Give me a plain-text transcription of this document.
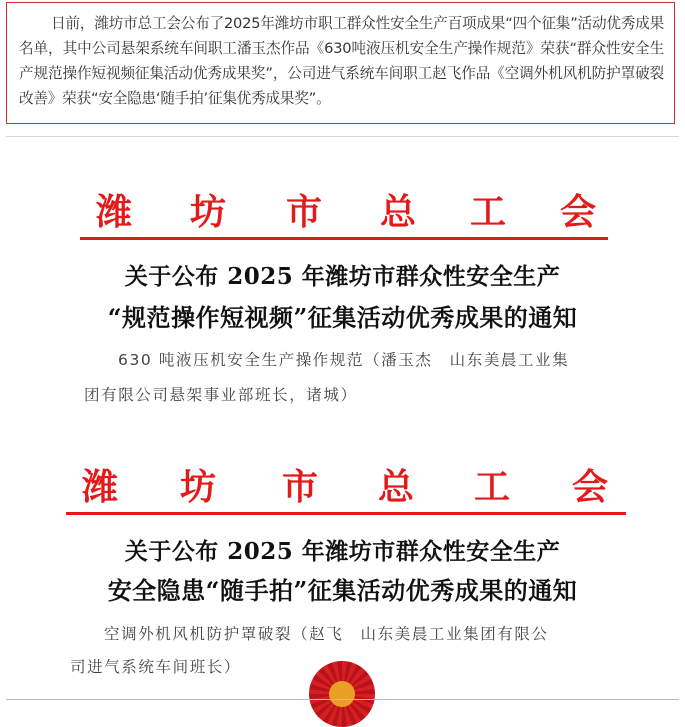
日前，潍坊市总工会公布了2025年潍坊市职工群众性安全生产百项成果“四个征集”活动优秀成果名单，其中公司悬架系统车间职工潘玉杰作品《630吨液压机安全生产操作规范》荣获“群众性安全生产规范操作短视频征集活动优秀成果奖”，公司进气系统车间职工赵飞作品《空调外机风机防护罩破裂改善》荣获“安全隐患‘随手拍’征集优秀成果奖”。

潍 坊 市 总 工 会
关于公布 2025 年潍坊市群众性安全生产
“规范操作短视频”征集活动优秀成果的通知
630 吨液压机安全生产操作规范（潘玉杰　山东美晨工业集
团有限公司悬架事业部班长，诸城）
潍 坊 市 总 工 会
关于公布 2025 年潍坊市群众性安全生产
安全隐患“随手拍”征集活动优秀成果的通知
空调外机风机防护罩破裂（赵飞　山东美晨工业集团有限公
司进气系统车间班长）
